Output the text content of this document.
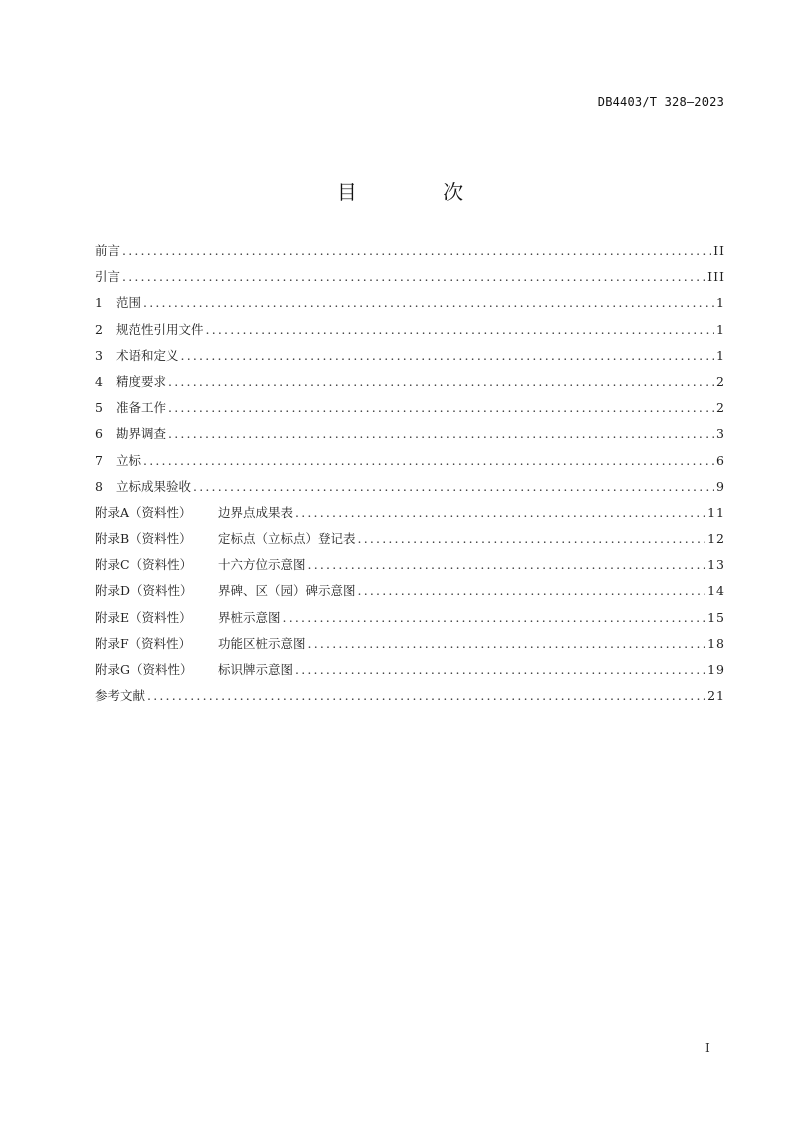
DB4403/T 328—2023
目 次
前言 .....	II
引言 .....	III
1	范围 .....	1
2	规范性引用文件 .....	1
3	术语和定义 .....	1
4	精度要求 .....	2
5	准备工作 .....	2
6	勘界调查 .....	3
7	立标 .....	6
8	立标成果验收 .....	9
附录A（资料性）	边界点成果表 .....	11
附录B（资料性）	定标点（立标点）登记表 .....	12
附录C（资料性）	十六方位示意图 .....	13
附录D（资料性）	界碑、区（园）碑示意图 .....	14
附录E（资料性）	界桩示意图 .....	15
附录F（资料性）	功能区桩示意图 .....	18
附录G（资料性）	标识牌示意图 .....	19
参考文献 .....	21
I
